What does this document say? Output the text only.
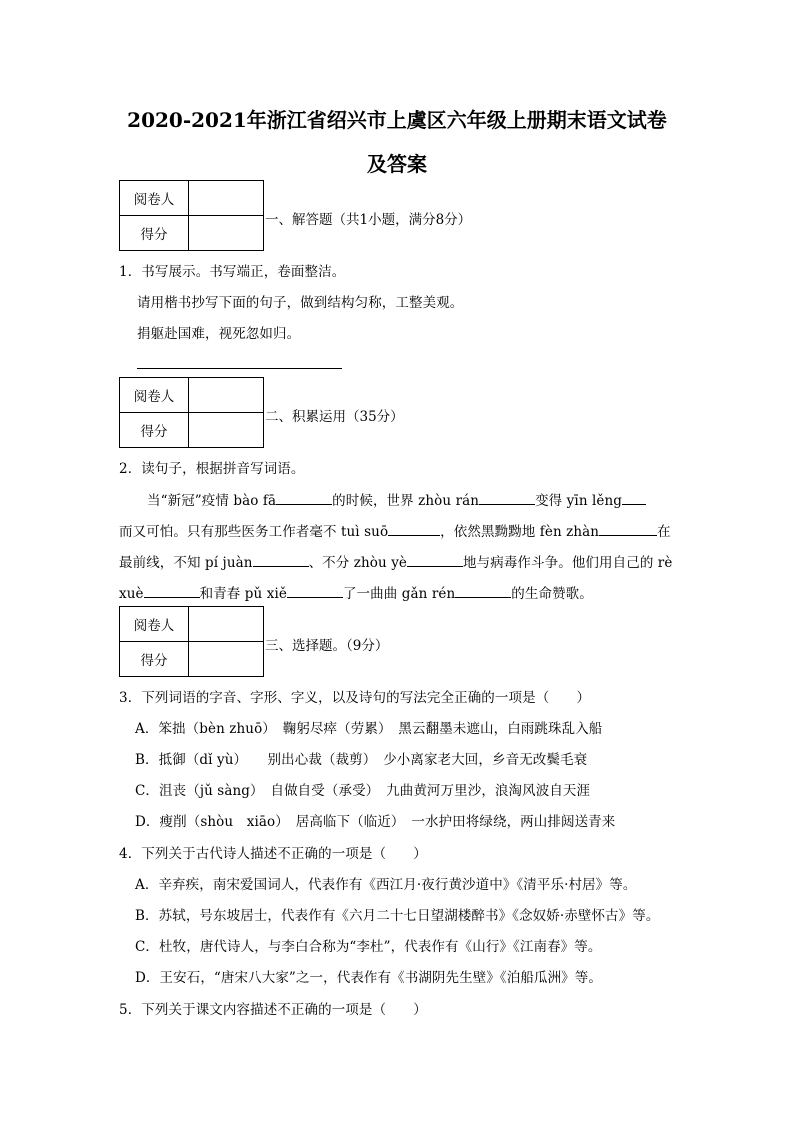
2020-2021年浙江省绍兴市上虞区六年级上册期末语文试卷
及答案
阅卷人	
得分	
一、解答题（共1小题，满分8分）
1．书写展示。书写端正，卷面整洁。
请用楷书抄写下面的句子，做到结构匀称，工整美观。
捐躯赴国难，视死忽如归。
阅卷人	
得分	
二、积累运用（35分）
2．读句子，根据拼音写词语。
当“新冠”疫情 bào fā	的时候，世界 zhòu rán	变得 yīn lěng
而又可怕。只有那些医务工作者毫不 tuì suō	，依然黑黝黝地 fèn zhàn	在
最前线，不知 pí juàn	、不分 zhòu yè	地与病毒作斗争。他们用自己的 rè
xuè	和青春 pǔ xiě	了一曲曲 gǎn rén	的生命赞歌。
阅卷人	
得分	
三、选择题。（9分）
3．下列词语的字音、字形、字义，以及诗句的写法完全正确的一项是（　　）
A．笨拙（bèn zhuō）　鞠躬尽瘁（劳累）　黑云翻墨未遮山，白雨跳珠乱入船
B．抵御（dǐ yù）　　别出心裁（裁剪）　少小离家老大回，乡音无改鬓毛衰
C．沮丧（jǔ sàng）　自做自受（承受）　九曲黄河万里沙，浪淘风波自天涯
D．瘦削（shòu　xiāo）　居高临下（临近）　一水护田将绿绕，两山排闼送青来
4．下列关于古代诗人描述不正确的一项是（　　）
A．辛弃疾，南宋爱国词人，代表作有《西江月·夜行黄沙道中》《清平乐·村居》等。
B．苏轼，号东坡居士，代表作有《六月二十七日望湖楼醉书》《念奴娇·赤壁怀古》等。
C．杜牧，唐代诗人，与李白合称为“李杜”，代表作有《山行》《江南春》等。
D．王安石，“唐宋八大家”之一，代表作有《书湖阴先生壁》《泊船瓜洲》等。
5．下列关于课文内容描述不正确的一项是（　　）
